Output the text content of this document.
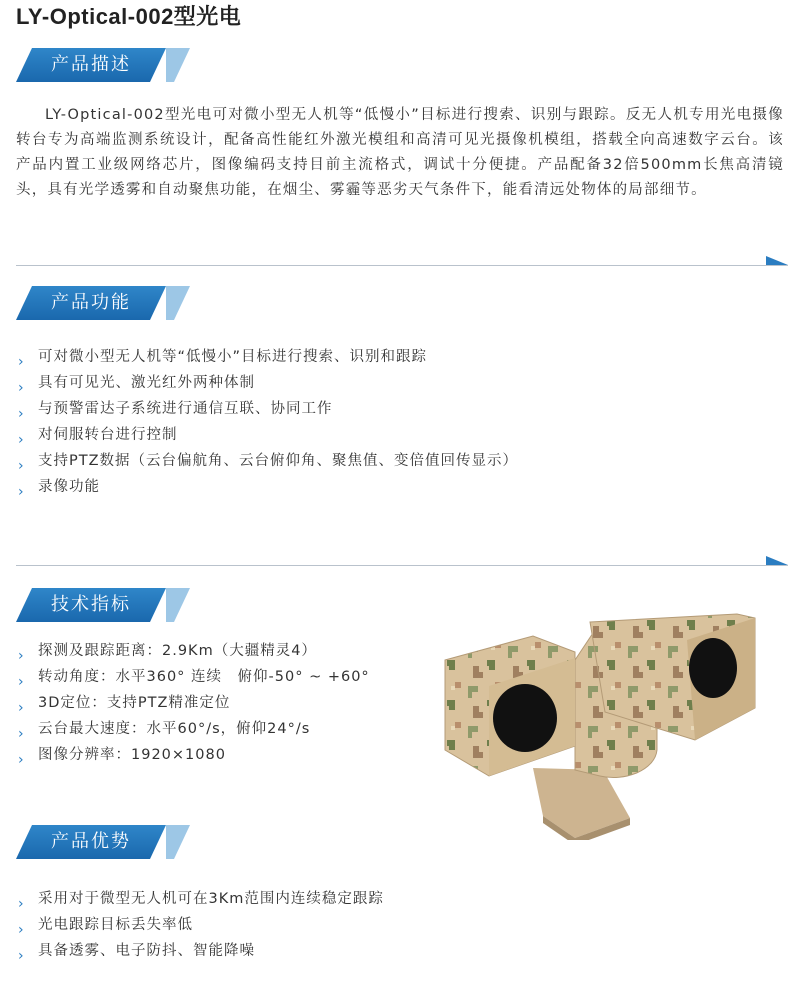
LY-Optical-002型光电
产品描述
LY-Optical-002型光电可对微小型无人机等“低慢小”目标进行搜索、识别与跟踪。反无人机专用光电摄像转台专为高端监测系统设计，配备高性能红外激光模组和高清可见光摄像机模组，搭载全向高速数字云台。该产品内置工业级网络芯片，图像编码支持目前主流格式，调试十分便捷。产品配备32倍500mm长焦高清镜头，具有光学透雾和自动聚焦功能，在烟尘、雾霾等恶劣天气条件下，能看清远处物体的局部细节。
产品功能
› 可对微小型无人机等“低慢小”目标进行搜索、识别和跟踪
› 具有可见光、激光红外两种体制
› 与预警雷达子系统进行通信互联、协同工作
› 对伺服转台进行控制
› 支持PTZ数据（云台偏航角、云台俯仰角、聚焦值、变倍值回传显示）
› 录像功能
技术指标
› 探测及跟踪距离：2.9Km（大疆精灵4）
› 转动角度：水平360° 连续　俯仰-50° ~ +60°
› 3D定位：支持PTZ精准定位
› 云台最大速度：水平60°/s，俯仰24°/s
› 图像分辨率：1920×1080
产品优势
› 采用对于微型无人机可在3Km范围内连续稳定跟踪
› 光电跟踪目标丢失率低
› 具备透雾、电子防抖、智能降噪
